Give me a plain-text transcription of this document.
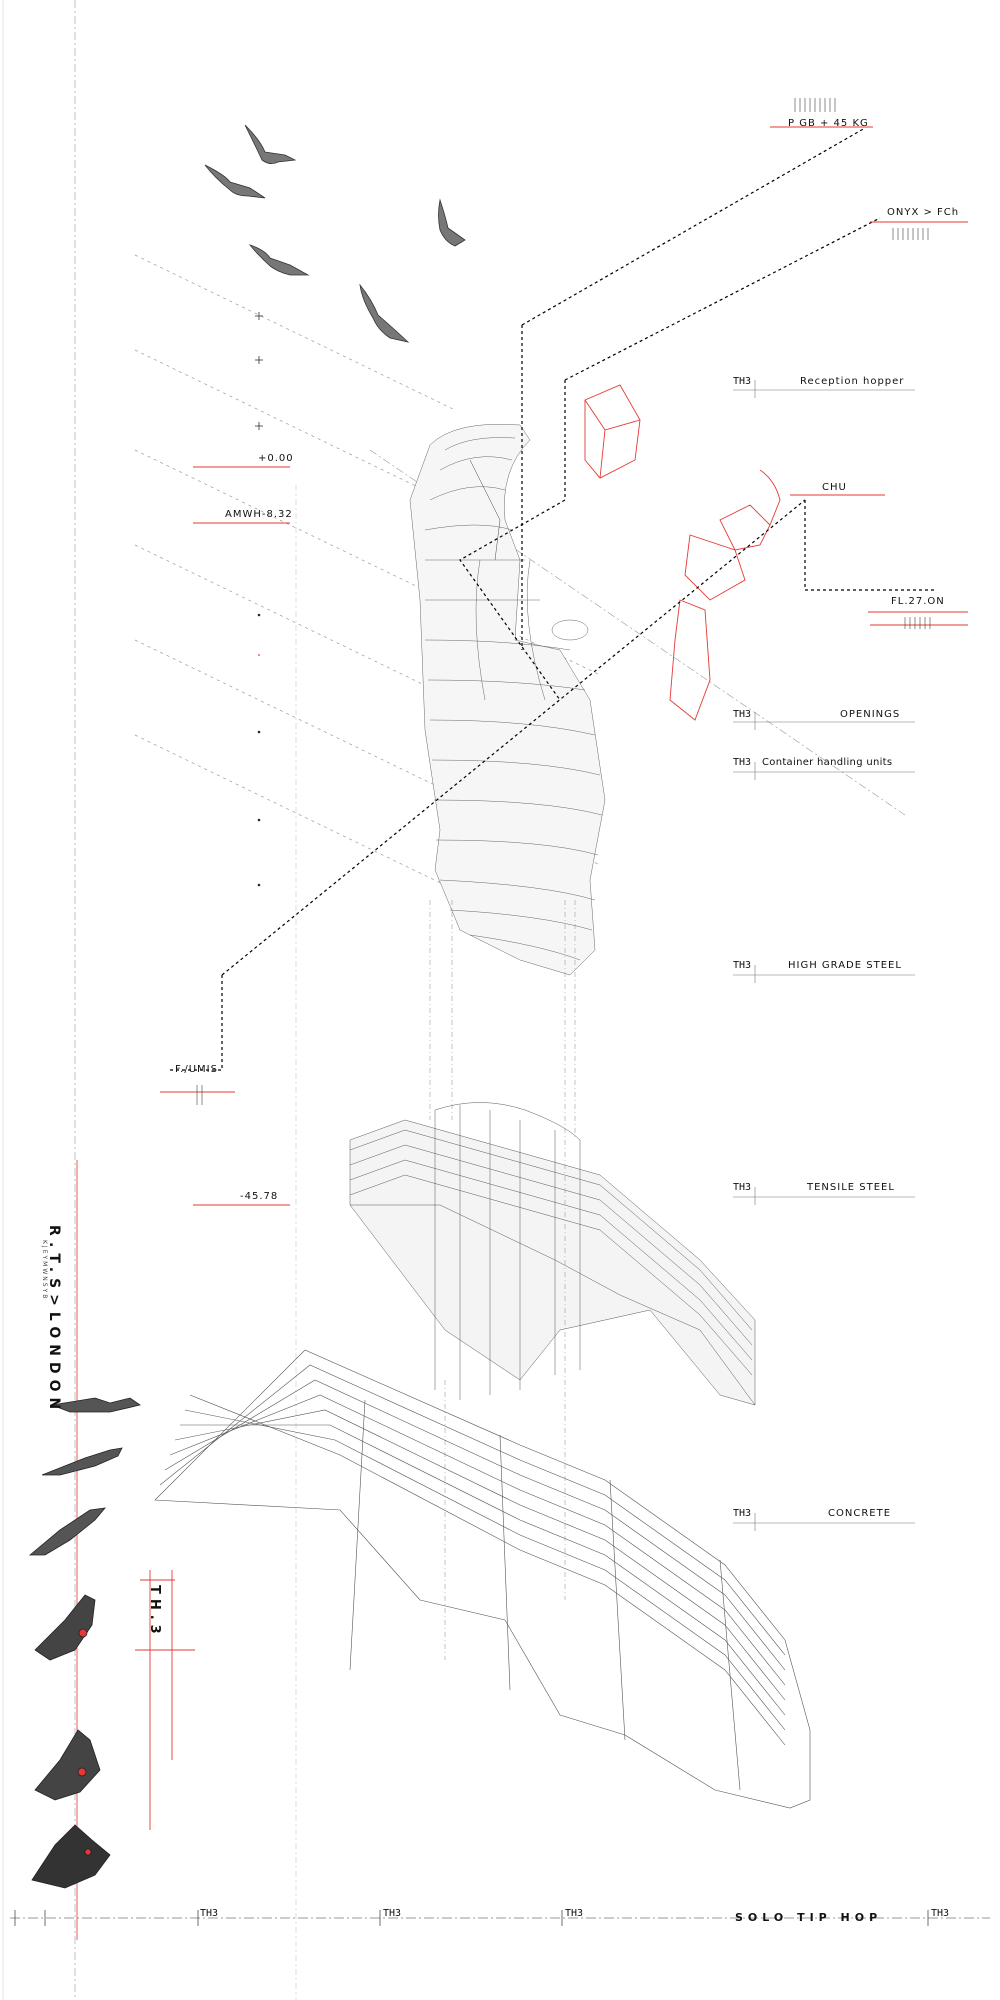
R.T.S>LONDON
KJEYMWNSYB
TH.3
+0.00
AMWH-8.32
-45.78
F./UMIS
P GB + 45 KG
ONYX > FCh
CHU
FL.27.ON
TH3	Reception hopper
TH3	OPENINGS
TH3 Container handling units
TH3	HIGH GRADE STEEL
TH3	TENSILE STEEL
TH3	CONCRETE
TH3	TH3	TH3	TH3
SOLO TIP HOP
